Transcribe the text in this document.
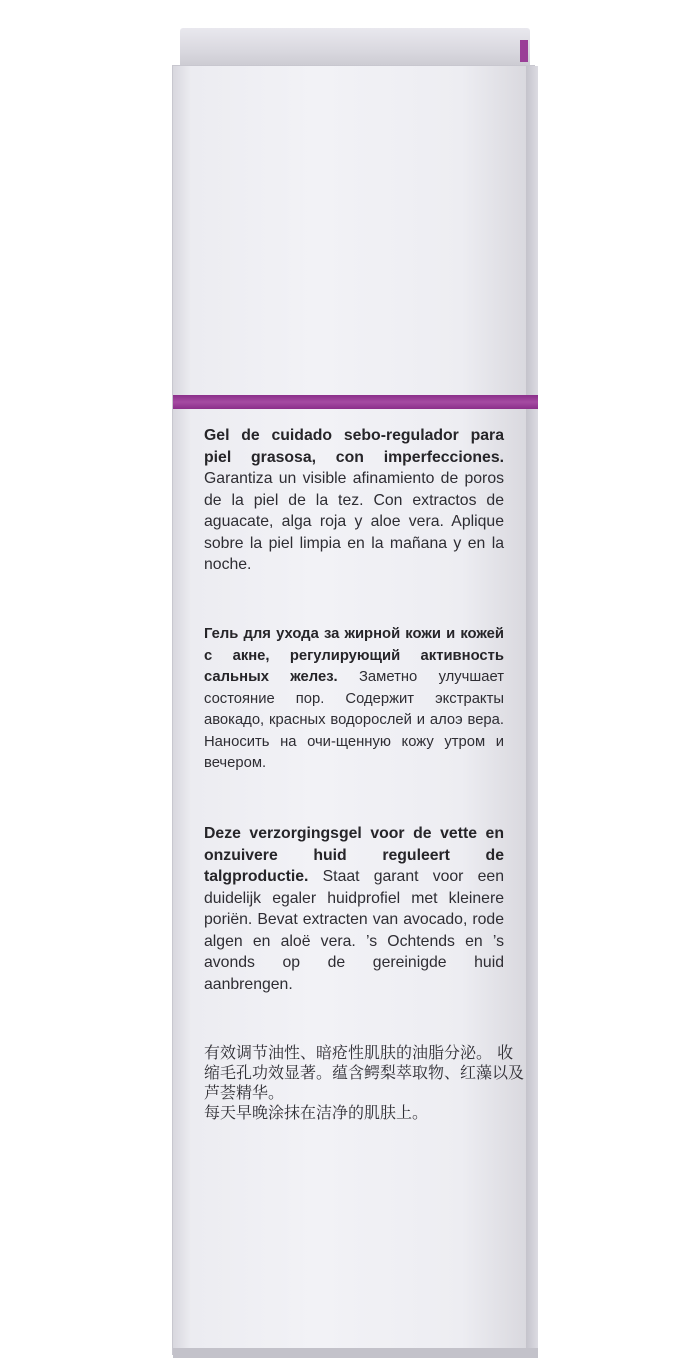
Gel de cuidado sebo-regulador para piel grasosa, con imperfecciones. Garantiza un visible afinamiento de poros de la piel de la tez. Con extractos de aguacate, alga roja y aloe vera. Aplique sobre la piel limpia en la mañana y en la noche.
Гель для ухода за жирной кожи и кожей с акне, регулирующий активность сальных желез. Заметно улучшает состояние пор. Содержит экстракты авокадо, красных водорослей и алоэ вера. Наносить на очи-щенную кожу утром и вечером.
Deze verzorgingsgel voor de vette en onzuivere huid reguleert de talgproductie. Staat garant voor een duidelijk egaler huidprofiel met kleinere poriën. Bevat extracten van avocado, rode algen en aloë vera. ’s Ochtends en ’s avonds op de gereinigde huid aanbrengen.
有效调节油性、暗疮性肌肤的油脂分泌。 收缩毛孔功效显著。蕴含鳄梨萃取物、红藻以及芦荟精华。
每天早晚涂抹在洁净的肌肤上。
